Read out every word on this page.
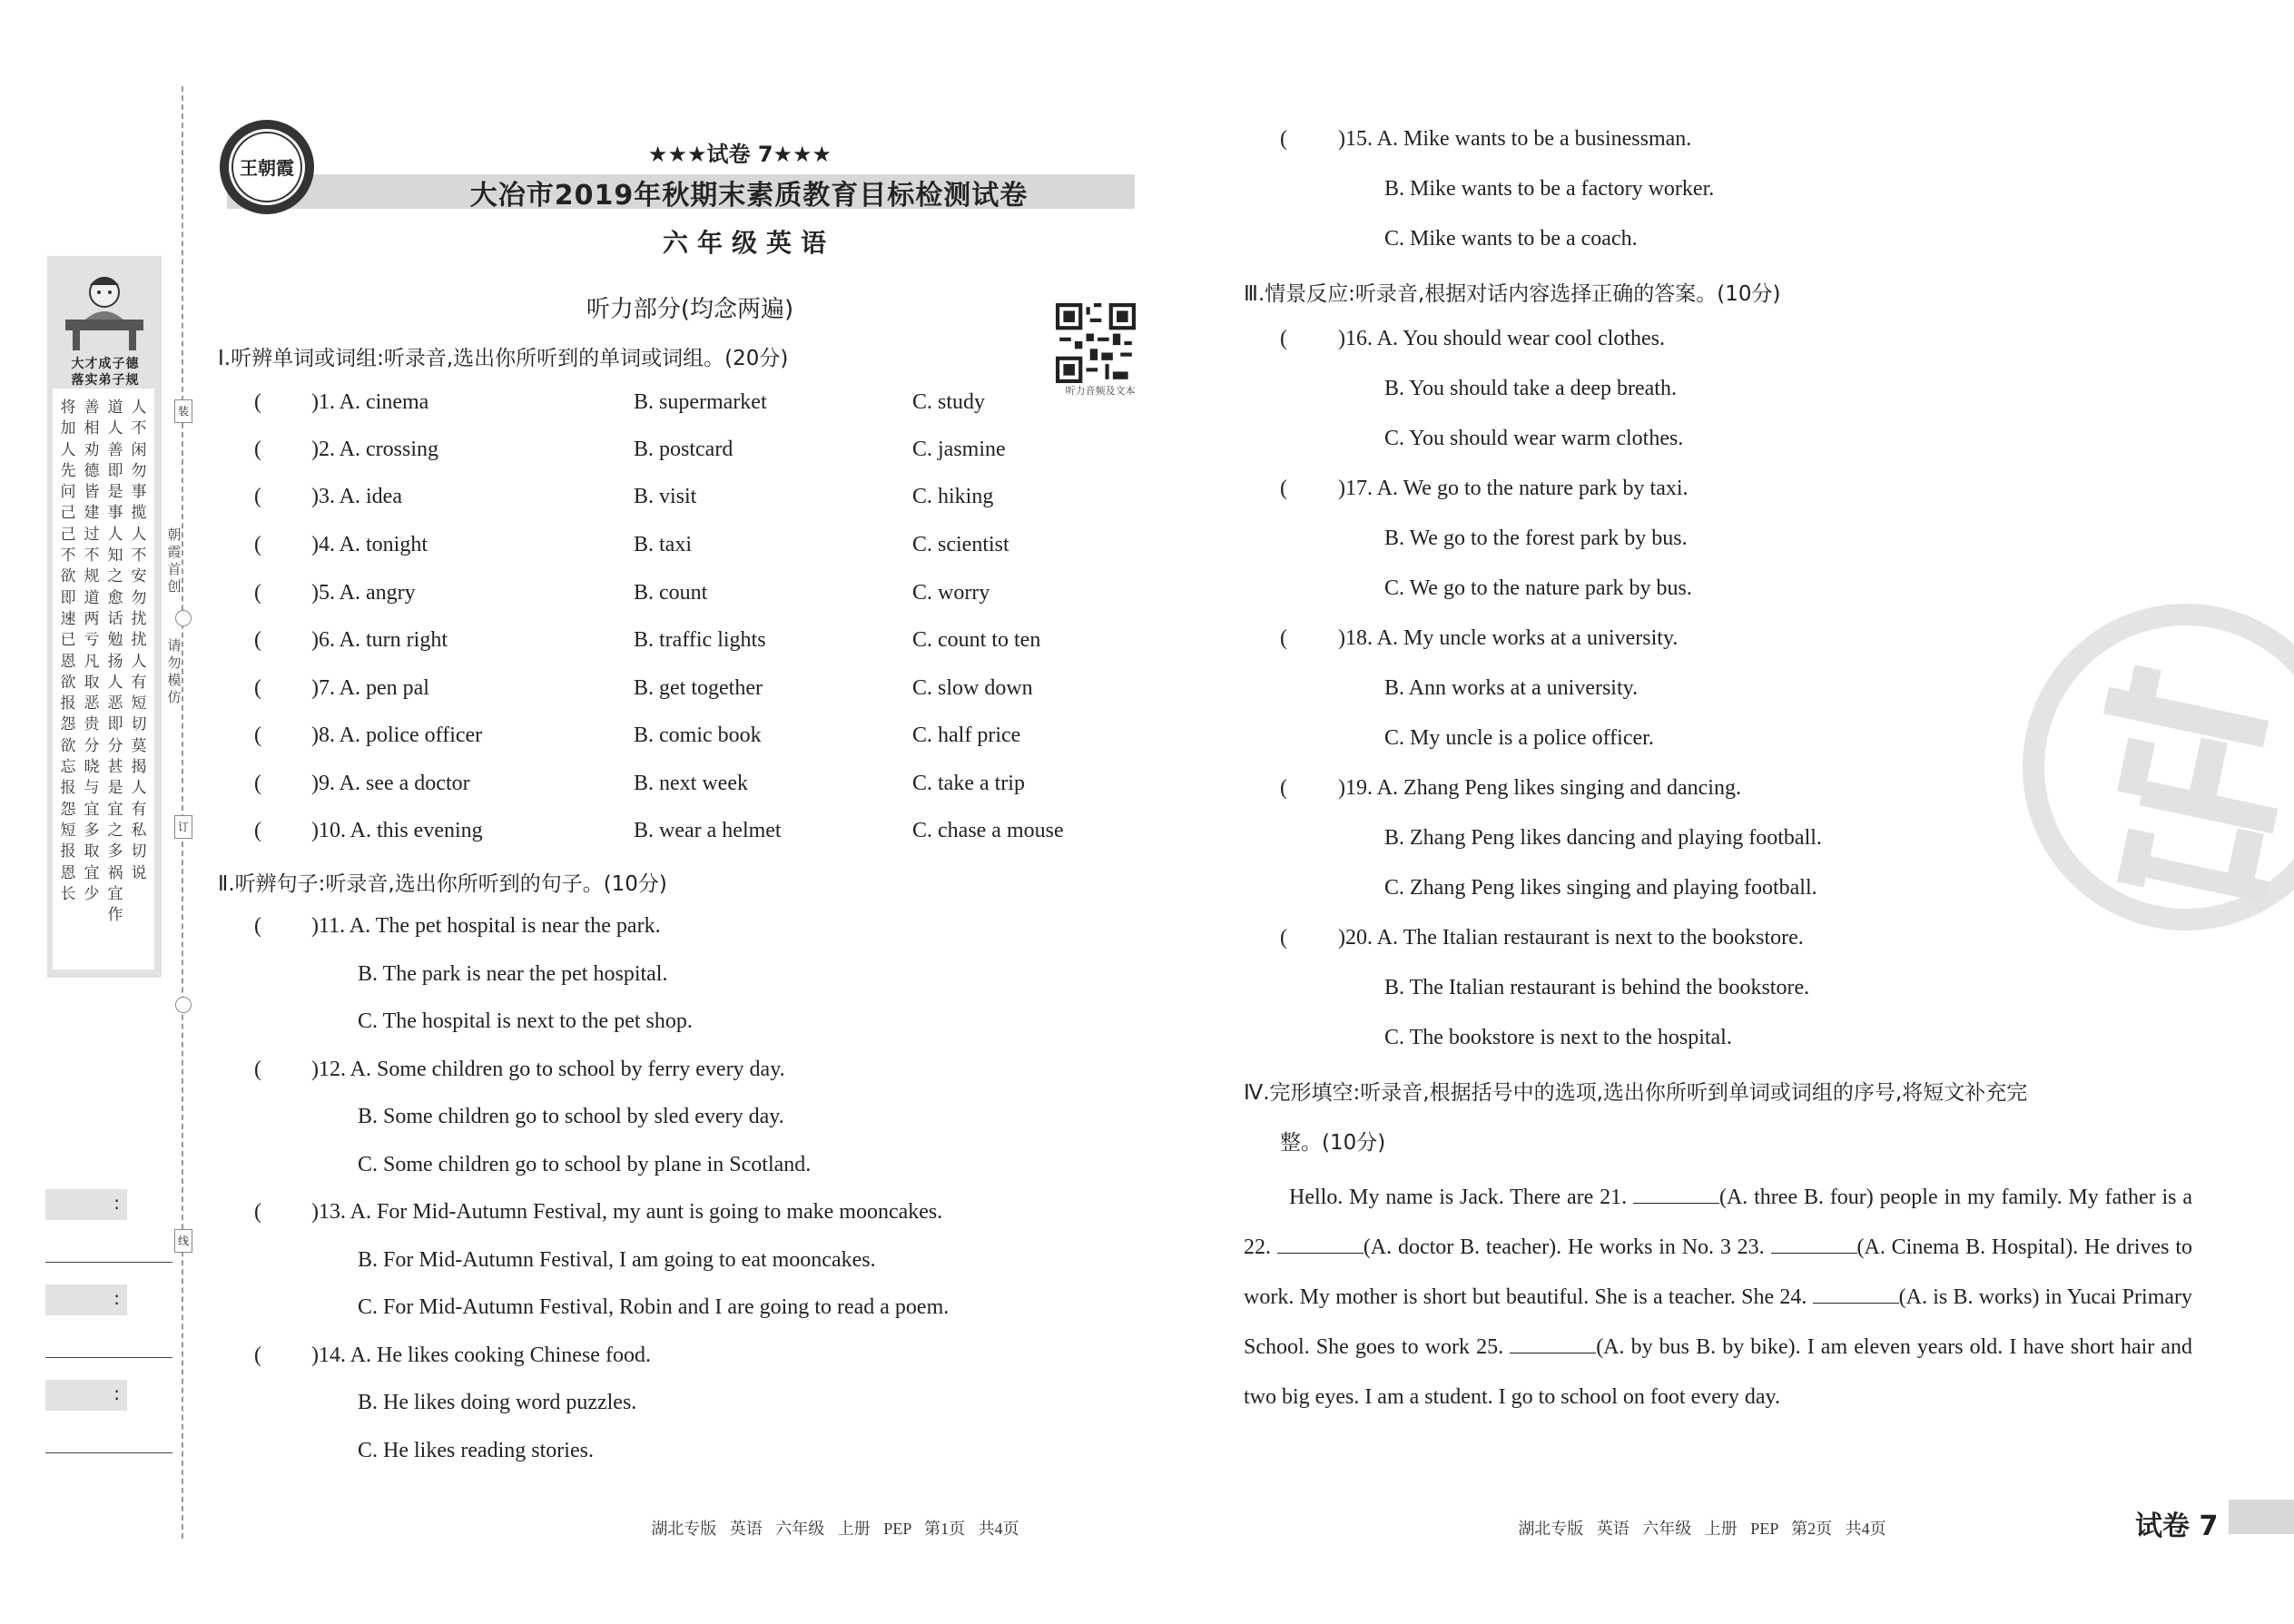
大才成子德
落实弟子规
将加人先问己己不欲即速已恩欲报怨欲忘报怨短报恩长
善相劝德皆建过不规道两亏凡取恶贵分晓与宜多取宜少
道人善即是事人知之愈话勉扬人恶即分甚是宜之多祸宜作
人不闲勿事揽人不安勿扰扰人有短切莫揭人有私切说
装
朝霞首创
请勿模仿
订
线
:
:
:
王朝霞
★★★试卷 7★★★
大冶市2019年秋期末素质教育目标检测试卷
六年级英语
听力部分(均念两遍)
听力音频及文本
Ⅰ.听辨单词或词组:听录音,选出你所听到的单词或词组。(20分)
( )1. A. cinema	B. supermarket	C. study
( )2. A. crossing	B. postcard	C. jasmine
( )3. A. idea	B. visit	C. hiking
( )4. A. tonight	B. taxi	C. scientist
( )5. A. angry	B. count	C. worry
( )6. A. turn right	B. traffic lights	C. count to ten
( )7. A. pen pal	B. get together	C. slow down
( )8. A. police officer	B. comic book	C. half price
( )9. A. see a doctor	B. next week	C. take a trip
( )10. A. this evening	B. wear a helmet	C. chase a mouse
Ⅱ.听辨句子:听录音,选出你所听到的句子。(10分)
( )11. A. The pet hospital is near the park.
B. The park is near the pet hospital.
C. The hospital is next to the pet shop.
( )12. A. Some children go to school by ferry every day.
B. Some children go to school by sled every day.
C. Some children go to school by plane in Scotland.
( )13. A. For Mid-Autumn Festival, my aunt is going to make mooncakes.
B. For Mid-Autumn Festival, I am going to eat mooncakes.
C. For Mid-Autumn Festival, Robin and I are going to read a poem.
( )14. A. He likes cooking Chinese food.
B. He likes doing word puzzles.
C. He likes reading stories.
湖北专版 英语 六年级 上册 PEP 第1页 共4页
( )15. A. Mike wants to be a businessman.
B. Mike wants to be a factory worker.
C. Mike wants to be a coach.
Ⅲ.情景反应:听录音,根据对话内容选择正确的答案。(10分)
( )16. A. You should wear cool clothes.
B. You should take a deep breath.
C. You should wear warm clothes.
( )17. A. We go to the nature park by taxi.
B. We go to the forest park by bus.
C. We go to the nature park by bus.
( )18. A. My uncle works at a university.
B. Ann works at a university.
C. My uncle is a police officer.
( )19. A. Zhang Peng likes singing and dancing.
B. Zhang Peng likes dancing and playing football.
C. Zhang Peng likes singing and playing football.
( )20. A. The Italian restaurant is next to the bookstore.
B. The Italian restaurant is behind the bookstore.
C. The bookstore is next to the hospital.
Ⅳ.完形填空:听录音,根据括号中的选项,选出你所听到单词或词组的序号,将短文补充完
整。(10分)
Hello. My name is Jack. There are 21.	(A. three B. four) people in my family. My father is a 22.	(A. doctor B. teacher). He works in No. 3 23.	(A. Cinema B. Hospital). He drives to work. My mother is short but beautiful. She is a teacher. She 24.	(A. is B. works) in Yucai Primary School. She goes to work 25.	(A. by bus B. by bike). I am eleven years old. I have short hair and two big eyes. I am a student. I go to school on foot every day.
湖北专版 英语 六年级 上册 PEP 第2页 共4页	试卷 7
